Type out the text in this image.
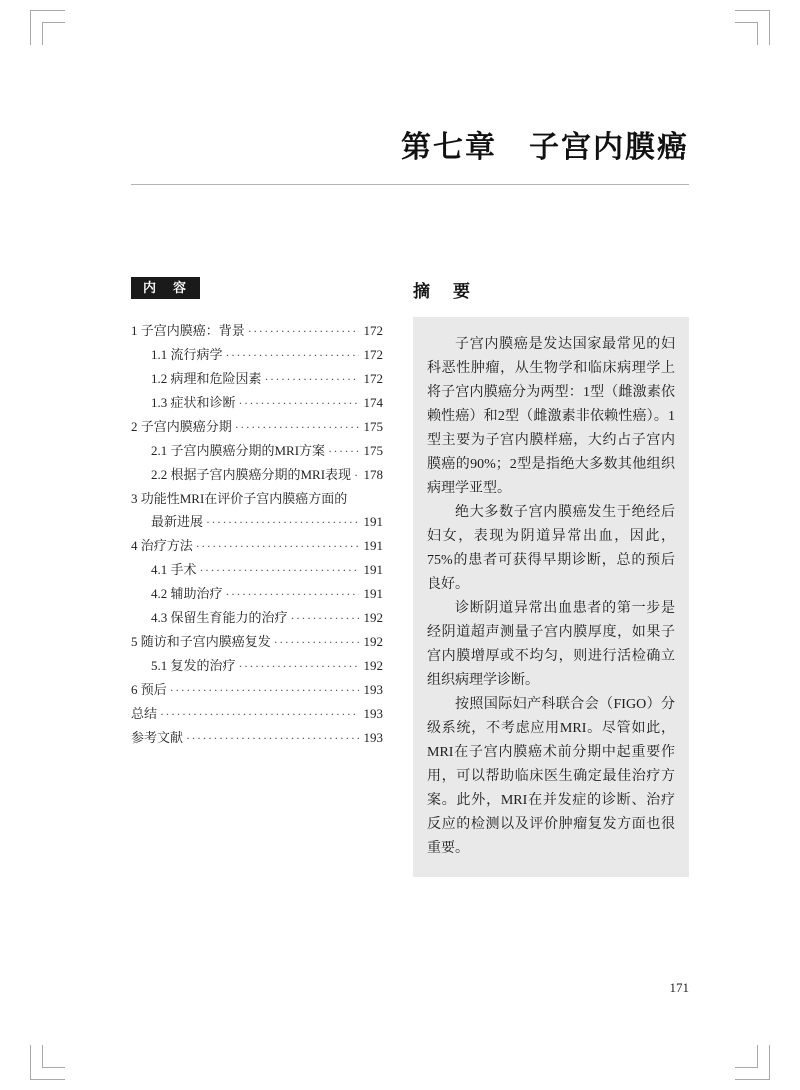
第七章　子宫内膜癌
内　容
1 子宫内膜癌：背景 ·····	172
1.1 流行病学 ·····	172
1.2 病理和危险因素 ·····	172
1.3 症状和诊断 ·····	174
2 子宫内膜癌分期 ·····	175
2.1 子宫内膜癌分期的MRI方案 ·····	175
2.2 根据子宫内膜癌分期的MRI表现 ····· 178
3 功能性MRI在评价子宫内膜癌方面的
最新进展 ·····	191
4 治疗方法 ·····	191
4.1 手术 ·····	191
4.2 辅助治疗 ·····	191
4.3 保留生育能力的治疗 ·····	192
5 随访和子宫内膜癌复发 ·····	192
5.1 复发的治疗 ·····	192
6 预后 ·····	193
总结 ·····	193
参考文献 ·····	193
摘　要

子宫内膜癌是发达国家最常见的妇科恶性肿瘤，从生物学和临床病理学上将子宫内膜癌分为两型：1型（雌激素依赖性癌）和2型（雌激素非依赖性癌）。1型主要为子宫内膜样癌，大约占子宫内膜癌的90%；2型是指绝大多数其他组织病理学亚型。

绝大多数子宫内膜癌发生于绝经后妇女，表现为阴道异常出血，因此，75%的患者可获得早期诊断，总的预后良好。

诊断阴道异常出血患者的第一步是经阴道超声测量子宫内膜厚度，如果子宫内膜增厚或不均匀，则进行活检确立组织病理学诊断。

按照国际妇产科联合会（FIGO）分级系统，不考虑应用MRI。尽管如此，MRI在子宫内膜癌术前分期中起重要作用，可以帮助临床医生确定最佳治疗方案。此外，MRI在并发症的诊断、治疗反应的检测以及评价肿瘤复发方面也很重要。

171
